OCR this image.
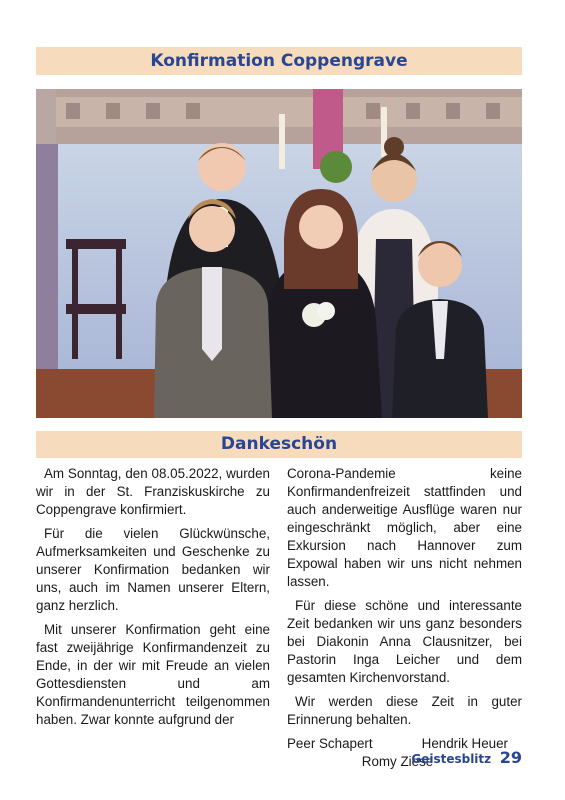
Konfirmation Coppengrave
Dankeschön

Am Sonntag, den 08.05.2022, wurden wir in der St. Franziskuskirche zu Coppengrave konfirmiert.

Für die vielen Glückwünsche, Aufmerksamkeiten und Geschenke zu unserer Konfirmation bedanken wir uns, auch im Namen unserer Eltern, ganz herzlich.

Mit unserer Konfirmation geht eine fast zweijährige Konfirmandenzeit zu Ende, in der wir mit Freude an vielen Gottesdiensten und am Konfirmandenunterricht teilgenommen haben. Zwar konnte aufgrund der

Corona-Pandemie keine Konfirmandenfreizeit stattfinden und auch anderweitige Ausflüge waren nur eingeschränkt möglich, aber eine Exkursion nach Hannover zum Expowal haben wir uns nicht nehmen lassen.

Für diese schöne und interessante Zeit bedanken wir uns ganz besonders bei Diakonin Anna Clausnitzer, bei Pastorin Inga Leicher und dem gesamten Kirchenvorstand.

Wir werden diese Zeit in guter Erinnerung behalten.

Peer Schapert	Hendrik Heuer
Romy Ziese
Geistesblitz 29
